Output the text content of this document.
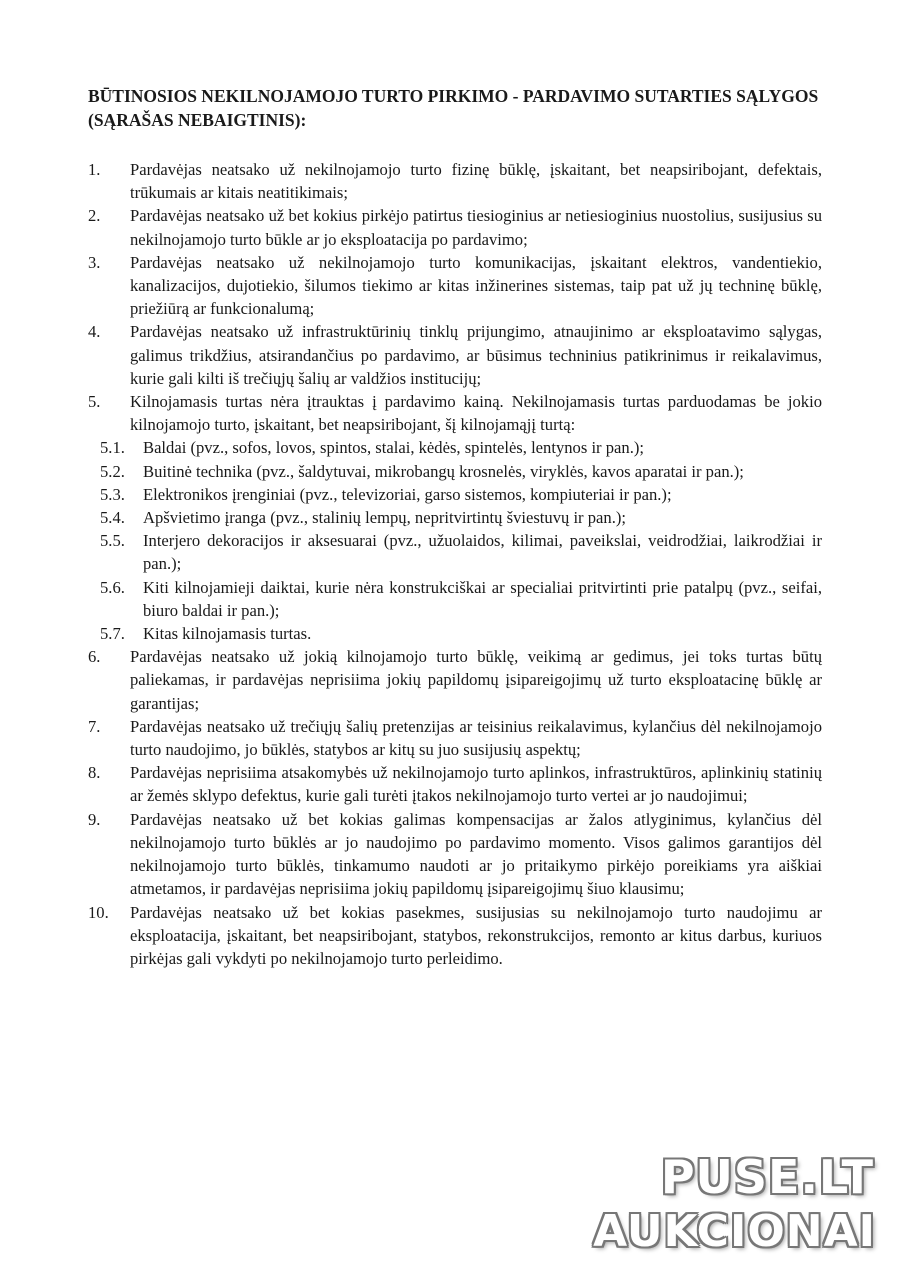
BŪTINOSIOS NEKILNOJAMOJO TURTO PIRKIMO - PARDAVIMO SUTARTIES SĄLYGOS (SĄRAŠAS NEBAIGTINIS):
1. Pardavėjas neatsako už nekilnojamojo turto fizinę būklę, įskaitant, bet neapsiribojant, defektais, trūkumais ar kitais neatitikimais;
2. Pardavėjas neatsako už bet kokius pirkėjo patirtus tiesioginius ar netiesioginius nuostolius, susijusius su nekilnojamojo turto būkle ar jo eksploatacija po pardavimo;
3. Pardavėjas neatsako už nekilnojamojo turto komunikacijas, įskaitant elektros, vandentiekio, kanalizacijos, dujotiekio, šilumos tiekimo ar kitas inžinerines sistemas, taip pat už jų techninę būklę, priežiūrą ar funkcionalumą;
4. Pardavėjas neatsako už infrastruktūrinių tinklų prijungimo, atnaujinimo ar eksploatavimo sąlygas, galimus trikdžius, atsirandančius po pardavimo, ar būsimus techninius patikrinimus ir reikalavimus, kurie gali kilti iš trečiųjų šalių ar valdžios institucijų;
5. Kilnojamasis turtas nėra įtrauktas į pardavimo kainą. Nekilnojamasis turtas parduodamas be jokio kilnojamojo turto, įskaitant, bet neapsiribojant, šį kilnojamąjį turtą:
5.1. Baldai (pvz., sofos, lovos, spintos, stalai, kėdės, spintelės, lentynos ir pan.);
5.2. Buitinė technika (pvz., šaldytuvai, mikrobangų krosnelės, viryklės, kavos aparatai ir pan.);
5.3. Elektronikos įrenginiai (pvz., televizoriai, garso sistemos, kompiuteriai ir pan.);
5.4. Apšvietimo įranga (pvz., stalinių lempų, nepritvirtintų šviestuvų ir pan.);
5.5. Interjero dekoracijos ir aksesuarai (pvz., užuolaidos, kilimai, paveikslai, veidrodžiai, laikrodžiai ir pan.);
5.6. Kiti kilnojamieji daiktai, kurie nėra konstrukciškai ar specialiai pritvirtinti prie patalpų (pvz., seifai, biuro baldai ir pan.);
5.7. Kitas kilnojamasis turtas.
6. Pardavėjas neatsako už jokią kilnojamojo turto būklę, veikimą ar gedimus, jei toks turtas būtų paliekamas, ir pardavėjas neprisiima jokių papildomų įsipareigojimų už turto eksploatacinę būklę ar garantijas;
7. Pardavėjas neatsako už trečiųjų šalių pretenzijas ar teisinius reikalavimus, kylančius dėl nekilnojamojo turto naudojimo, jo būklės, statybos ar kitų su juo susijusių aspektų;
8. Pardavėjas neprisiima atsakomybės už nekilnojamojo turto aplinkos, infrastruktūros, aplinkinių statinių ar žemės sklypo defektus, kurie gali turėti įtakos nekilnojamojo turto vertei ar jo naudojimui;
9. Pardavėjas neatsako už bet kokias galimas kompensacijas ar žalos atlyginimus, kylančius dėl nekilnojamojo turto būklės ar jo naudojimo po pardavimo momento. Visos galimos garantijos dėl nekilnojamojo turto būklės, tinkamumo naudoti ar jo pritaikymo pirkėjo poreikiams yra aiškiai atmetamos, ir pardavėjas neprisiima jokių papildomų įsipareigojimų šiuo klausimu;
10. Pardavėjas neatsako už bet kokias pasekmes, susijusias su nekilnojamojo turto naudojimu ar eksploatacija, įskaitant, bet neapsiribojant, statybos, rekonstrukcijos, remonto ar kitus darbus, kuriuos pirkėjas gali vykdyti po nekilnojamojo turto perleidimo.
PUSE.LT
AUKCIONAI
